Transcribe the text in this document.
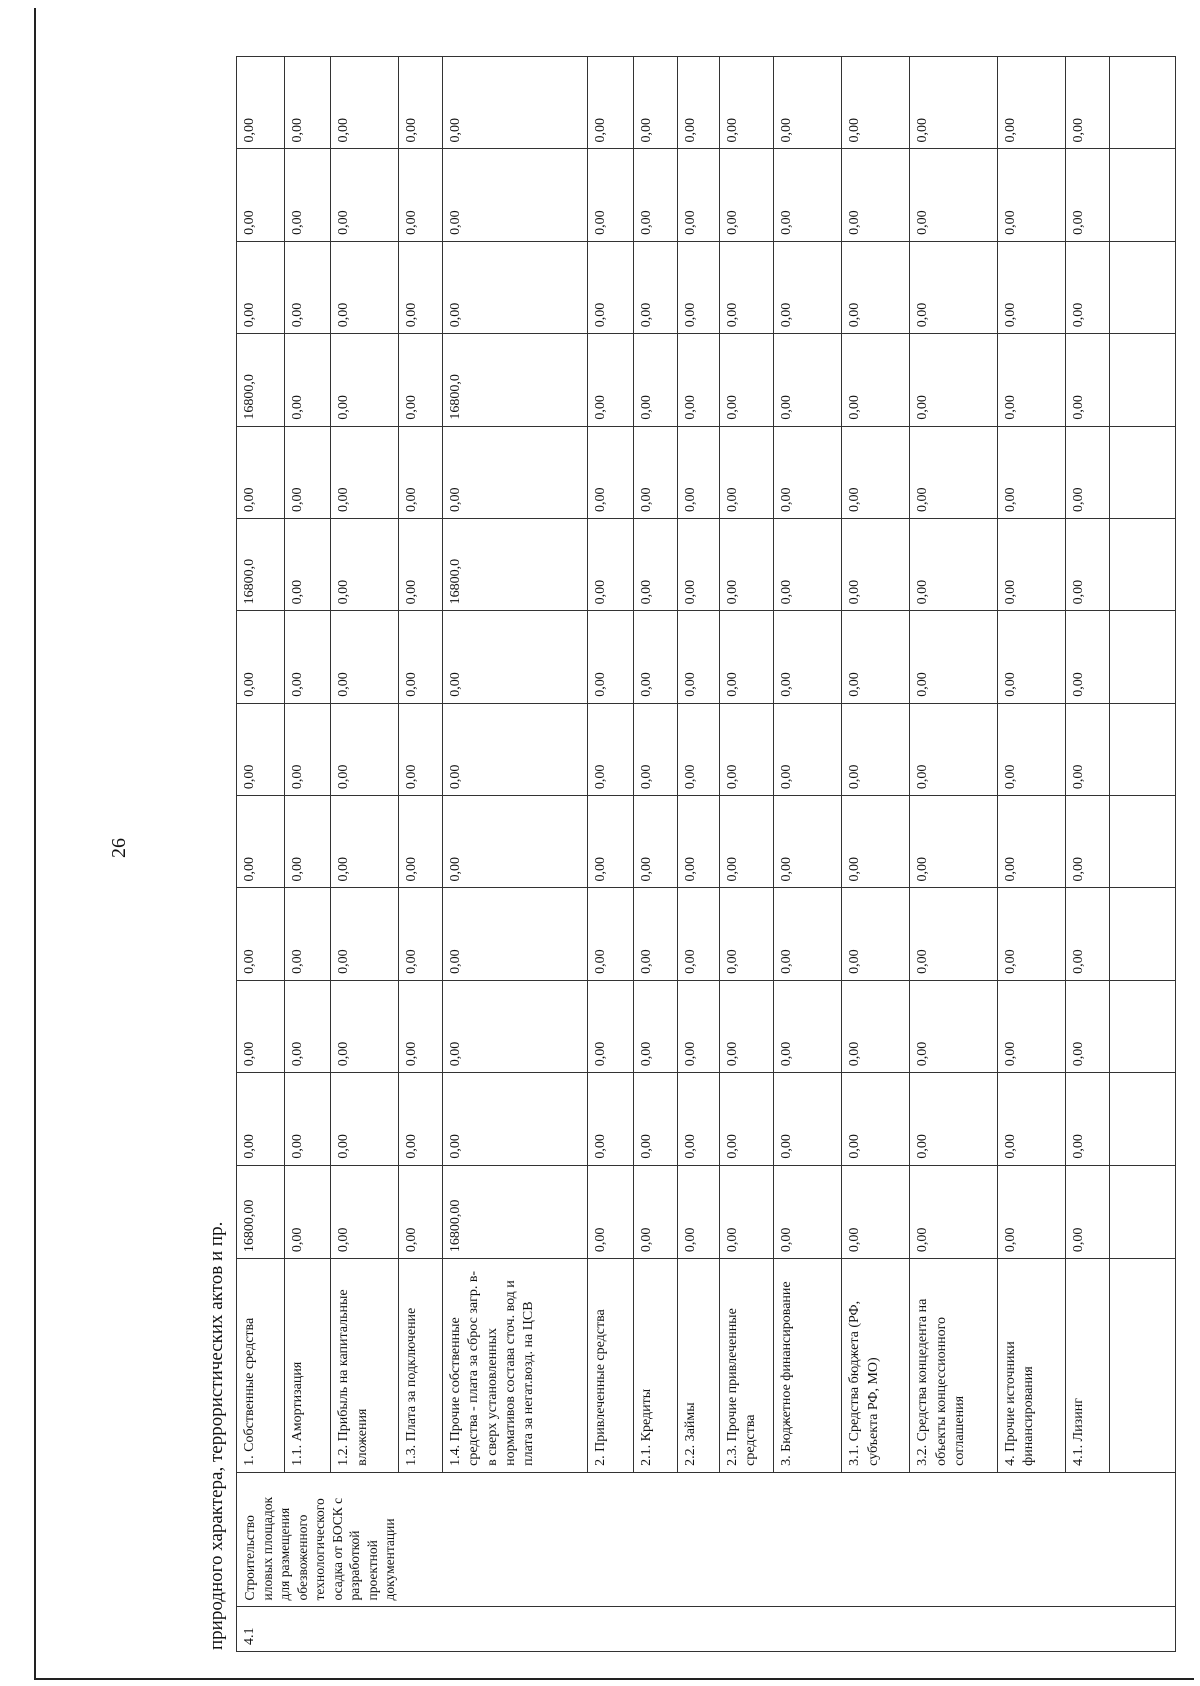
26
природного характера, террористических актов и пр. 4.1	Строительство иловых площадок для размещения обезвоженного технологического осадка от БОСК с разработкой проектной документации	1. Собственные средства	16800,00	0,00	0,00	0,00	0,00	0,00	0,00	16800,0	0,00	16800,0	0,00	0,00	0,00
		1.1. Амортизация	0,00	0,00	0,00	0,00	0,00	0,00	0,00	0,00	0,00	0,00	0,00	0,00	0,00
		1.2. Прибыль на капитальные вложения	0,00	0,00	0,00	0,00	0,00	0,00	0,00	0,00	0,00	0,00	0,00	0,00	0,00
		1.3. Плата за подключение	0,00	0,00	0,00	0,00	0,00	0,00	0,00	0,00	0,00	0,00	0,00	0,00	0,00
		1.4. Прочие собственные средства - плата за сброс загр. в-в сверх установленных нормативов состава сточ. вод и плата за негат.возд. на ЦСВ	16800,00	0,00	0,00	0,00	0,00	0,00	0,00	16800,0	0,00	16800,0	0,00	0,00	0,00
		2. Привлеченные средства	0,00	0,00	0,00	0,00	0,00	0,00	0,00	0,00	0,00	0,00	0,00	0,00	0,00
		2.1. Кредиты	0,00	0,00	0,00	0,00	0,00	0,00	0,00	0,00	0,00	0,00	0,00	0,00	0,00
		2.2. Займы	0,00	0,00	0,00	0,00	0,00	0,00	0,00	0,00	0,00	0,00	0,00	0,00	0,00
		2.3. Прочие привлеченные средства	0,00	0,00	0,00	0,00	0,00	0,00	0,00	0,00	0,00	0,00	0,00	0,00	0,00
		3. Бюджетное финансирование	0,00	0,00	0,00	0,00	0,00	0,00	0,00	0,00	0,00	0,00	0,00	0,00	0,00
		3.1. Средства бюджета (РФ, субъекта РФ, МО)	0,00	0,00	0,00	0,00	0,00	0,00	0,00	0,00	0,00	0,00	0,00	0,00	0,00
		3.2. Средства концедента на объекты концессионного соглашения	0,00	0,00	0,00	0,00	0,00	0,00	0,00	0,00	0,00	0,00	0,00	0,00	0,00
		4. Прочие источники финансирования	0,00	0,00	0,00	0,00	0,00	0,00	0,00	0,00	0,00	0,00	0,00	0,00	0,00
		4.1. Лизинг	0,00	0,00	0,00	0,00	0,00	0,00	0,00	0,00	0,00	0,00	0,00	0,00	0,00
